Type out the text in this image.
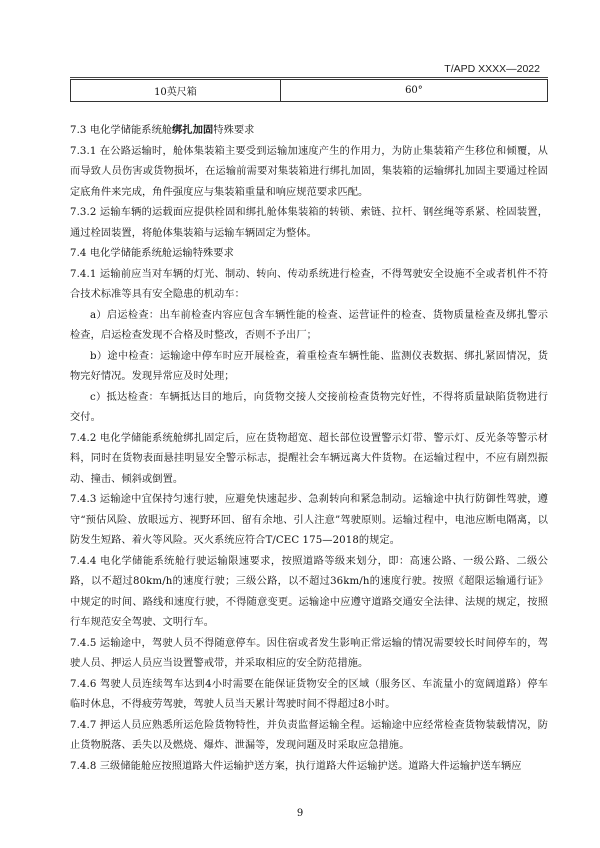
T/APD XXXX—2022
10英尺箱	60°

7.3 电化学储能系统舱绑扎加固特殊要求

7.3.1 在公路运输时，舱体集装箱主要受到运输加速度产生的作用力，为防止集装箱产生移位和倾覆，从而导致人员伤害或货物损坏，在运输前需要对集装箱进行绑扎加固，集装箱的运输绑扎加固主要通过栓固定底角件来完成，角件强度应与集装箱重量和响应规范要求匹配。

7.3.2 运输车辆的运载面应提供栓固和绑扎舱体集装箱的转锁、索链、拉杆、钢丝绳等系紧、栓固装置，通过栓固装置，将舱体集装箱与运输车辆固定为整体。

7.4 电化学储能系统舱运输特殊要求

7.4.1 运输前应当对车辆的灯光、制动、转向、传动系统进行检查，不得驾驶安全设施不全或者机件不符合技术标准等具有安全隐患的机动车：

a）启运检查：出车前检查内容应包含车辆性能的检查、运营证件的检查、货物质量检查及绑扎警示检查，启运检查发现不合格及时整改，否则不予出厂；

b）途中检查：运输途中停车时应开展检查，着重检查车辆性能、监测仪表数据、绑扎紧固情况，货物完好情况。发现异常应及时处理；

c）抵达检查：车辆抵达目的地后，向货物交接人交接前检查货物完好性，不得将质量缺陷货物进行交付。

7.4.2 电化学储能系统舱绑扎固定后，应在货物超宽、超长部位设置警示灯带、警示灯、反光条等警示材料，同时在货物表面悬挂明显安全警示标志，提醒社会车辆远离大件货物。在运输过程中，不应有剧烈振动、撞击、倾斜或倒置。

7.4.3 运输途中宜保持匀速行驶，应避免快速起步、急刹转向和紧急制动。运输途中执行防御性驾驶，遵守“预估风险、放眼远方、视野环回、留有余地、引人注意”驾驶原则。运输过程中，电池应断电隔离，以防发生短路、着火等风险。灭火系统应符合T/CEC 175—2018的规定。

7.4.4 电化学储能系统舱行驶运输限速要求，按照道路等级来划分，即：高速公路、一级公路、二级公路，以不超过80km/h的速度行驶；三级公路，以不超过36km/h的速度行驶。按照《超限运输通行证》中规定的时间、路线和速度行驶，不得随意变更。运输途中应遵守道路交通安全法律、法规的规定，按照行车规范安全驾驶、文明行车。

7.4.5 运输途中，驾驶人员不得随意停车。因住宿或者发生影响正常运输的情况需要较长时间停车的，驾驶人员、押运人员应当设置警戒带，并采取相应的安全防范措施。

7.4.6 驾驶人员连续驾车达到4小时需要在能保证货物安全的区域（服务区、车流量小的宽阔道路）停车临时休息，不得疲劳驾驶，驾驶人员当天累计驾驶时间不得超过8小时。

7.4.7 押运人员应熟悉所运危险货物特性，并负责监督运输全程。运输途中应经常检查货物装载情况，防止货物脱落、丢失以及燃烧、爆炸、泄漏等，发现问题及时采取应急措施。

7.4.8 三级储能舱应按照道路大件运输护送方案，执行道路大件运输护送。道路大件运输护送车辆应

9
